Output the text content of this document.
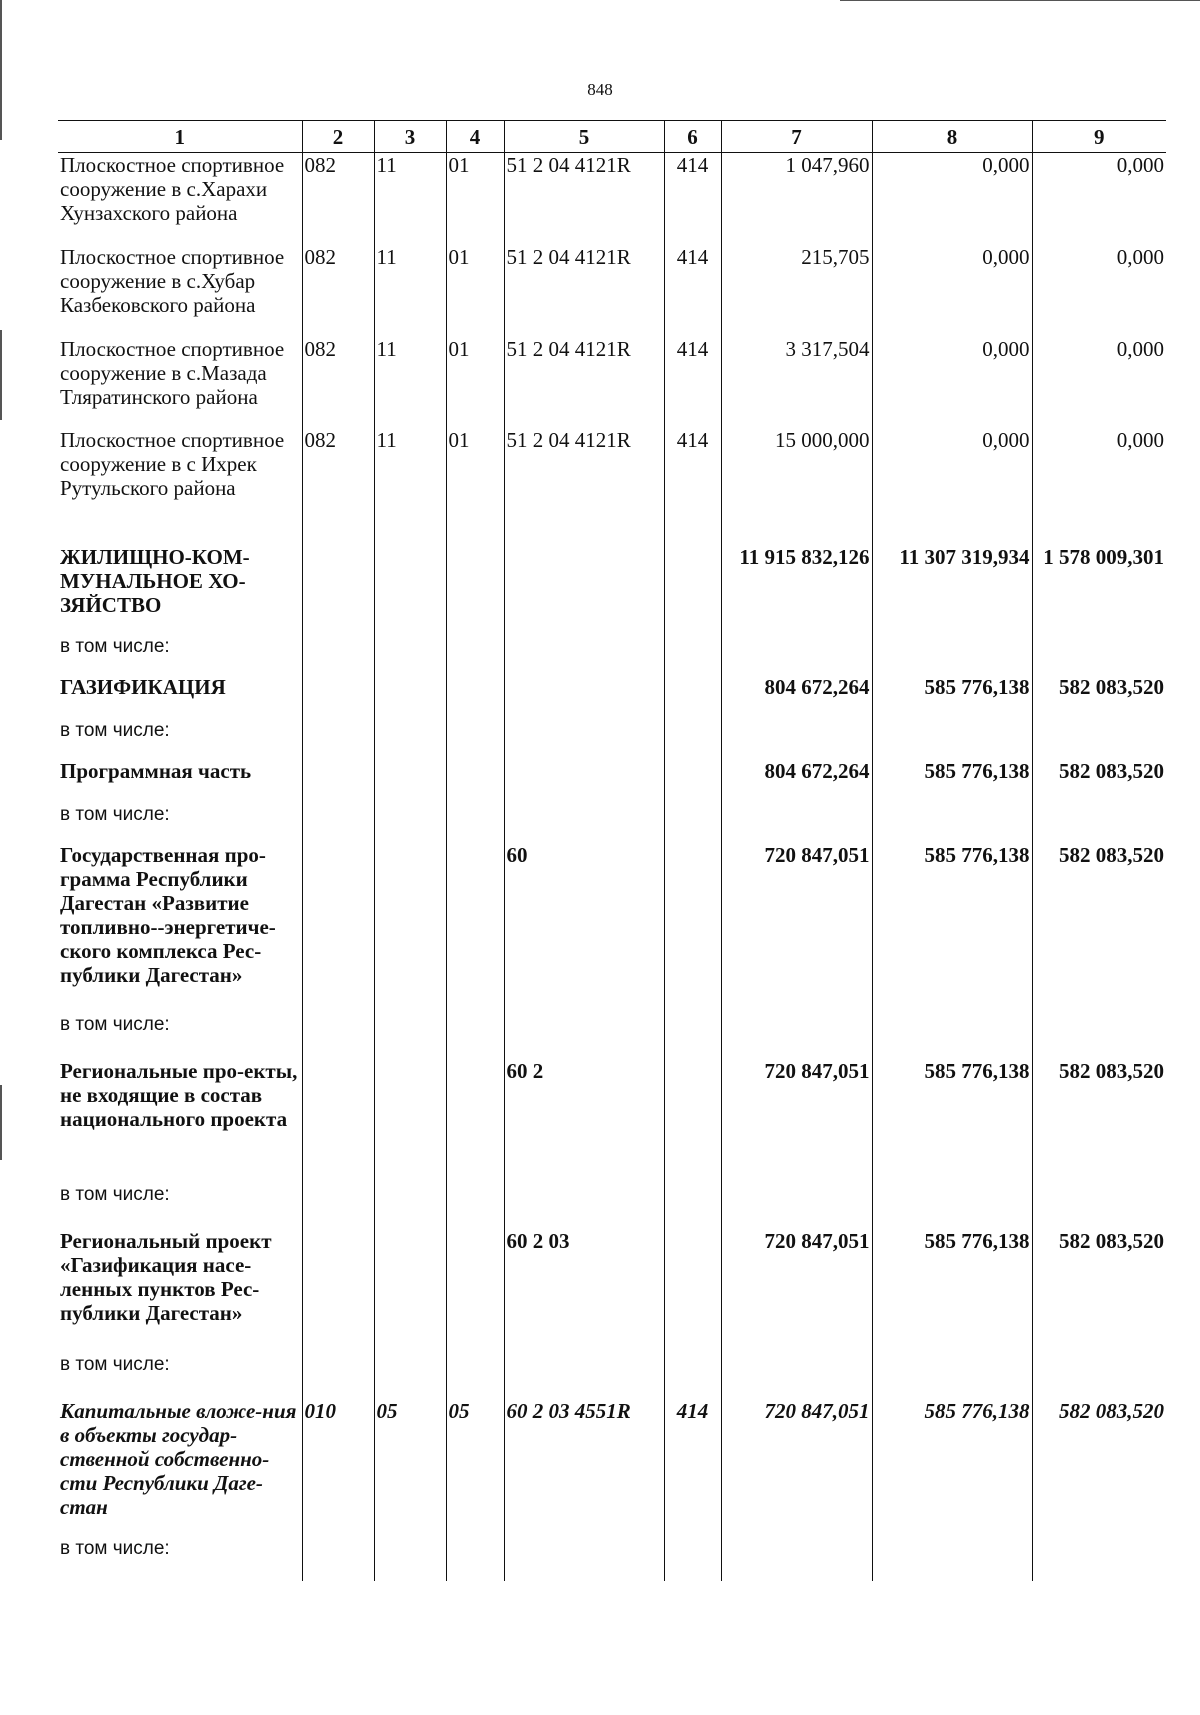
848
1	2	3	4	5	6	7	8	9
Плоскостное спортивное сооружение в с.Харахи Хунзахского района	082	11	01	51 2 04 4121R	414	1 047,960	0,000	0,000
Плоскостное спортивное сооружение в с.Хубар Казбековского района	082	11	01	51 2 04 4121R	414	215,705	0,000	0,000
Плоскостное спортивное сооружение в с.Мазада Тляратинского района	082	11	01	51 2 04 4121R	414	3 317,504	0,000	0,000
Плоскостное спортивное сооружение в с Ихрек Рутульского района	082	11	01	51 2 04 4121R	414	15 000,000	0,000	0,000
ЖИЛИЩНО-КОМ-МУНАЛЬНОЕ ХО-ЗЯЙСТВО						11 915 832,126	11 307 319,934	1 578 009,301
в том числе:								
ГАЗИФИКАЦИЯ						804 672,264	585 776,138	582 083,520
в том числе:								
Программная часть						804 672,264	585 776,138	582 083,520
в том числе:								
Государственная про-грамма Республики Дагестан «Развитие топливно--энергетиче-ского комплекса Рес-публики Дагестан»				60		720 847,051	585 776,138	582 083,520
в том числе:								
Региональные про-екты, не входящие в состав национального проекта				60 2		720 847,051	585 776,138	582 083,520
в том числе:								
Региональный проект «Газификация насе-ленных пунктов Рес-публики Дагестан»				60 2 03		720 847,051	585 776,138	582 083,520
в том числе:								
Капитальные вложе-ния в объекты государ-ственной собственно-сти Республики Даге-стан	010	05	05	60 2 03 4551R	414	720 847,051	585 776,138	582 083,520
в том числе:								
